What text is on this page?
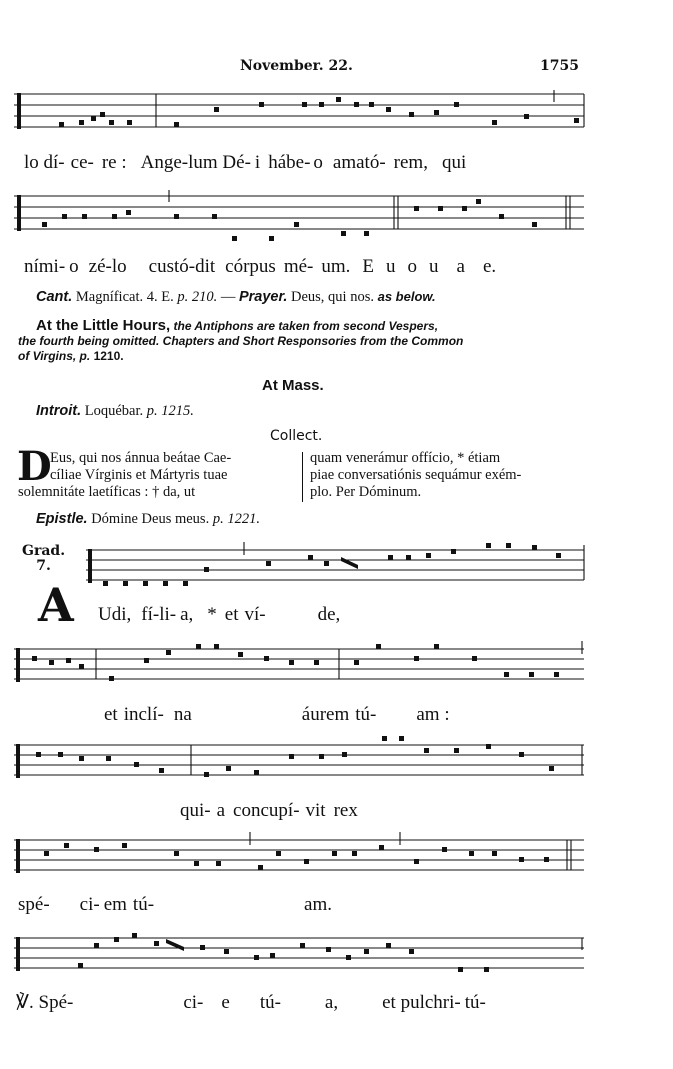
November. 22.	1755
lo dí- ce- re : Ange-lum Dé- i hábe- o amató- rem, qui
ními- o zé-lo custó-dit córpus mé- um. E u o u a e.
Cant. Magníficat. 4. E. p. 210. — Prayer. Deus, qui nos. as below.
At the Little Hours, the Antiphons are taken from second Vespers,
the fourth being omitted. Chapters and Short Responsories from the Common
of Virgins, p. 1210.
At Mass.
Introit. Loquébar. p. 1215.
Collect.
D
Eus, qui nos ánnua beátae Cae-
cíliae Vírginis et Mártyris tuae
solemnitáte laetíficas : † da, ut
quam venerámur offício, * étiam
piae conversatiónis sequámur exém-
plo. Per Dóminum.
Epistle. Dómine Deus meus. p. 1221.
Grad.
7.
A Udi, fí-li- a, * et ví-	de,
et inclí- na	áurem tú- am :
qui- a concupí- vit rex
spé- ci- em tú-	am.
℣. Spé-	ci- e tú- a, et pulchri- tú-
